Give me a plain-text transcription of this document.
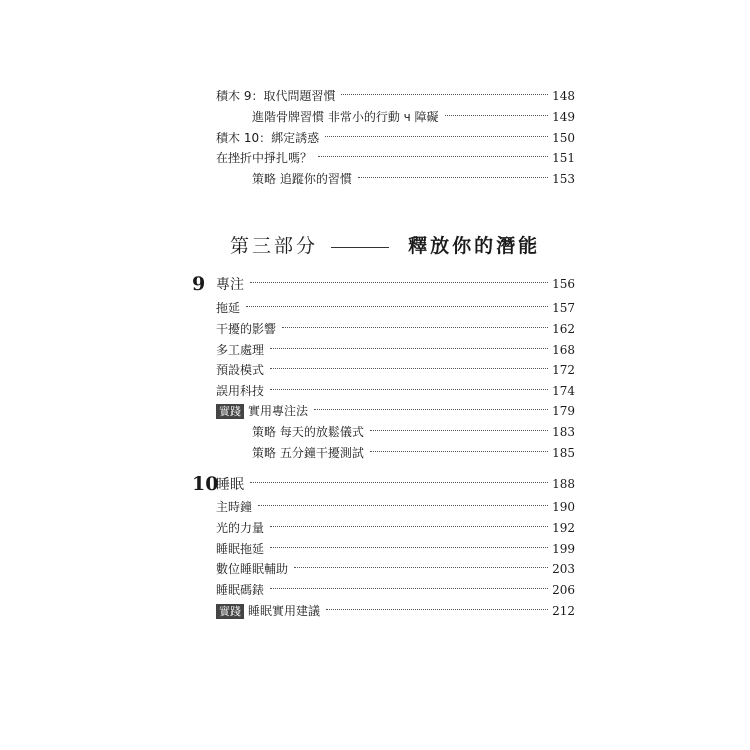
積木 9：取代問題習慣	148
進階骨牌習慣 非常小的行動 ч 障礙	149
積木 10：綁定誘惑	150
在挫折中掙扎嗎？	151
策略 追蹤你的習慣	153
第三部分	釋放你的潛能
9 專注	156
拖延	157
干擾的影響	162
多工處理	168
預設模式	172
誤用科技	174
實踐 實用專注法	179
策略 每天的放鬆儀式	183
策略 五分鐘干擾測試	185
10
睡眠	188
主時鐘	190
光的力量	192
睡眠拖延	199
數位睡眠輔助	203
睡眠碼錶	206
實踐 睡眠實用建議	212
